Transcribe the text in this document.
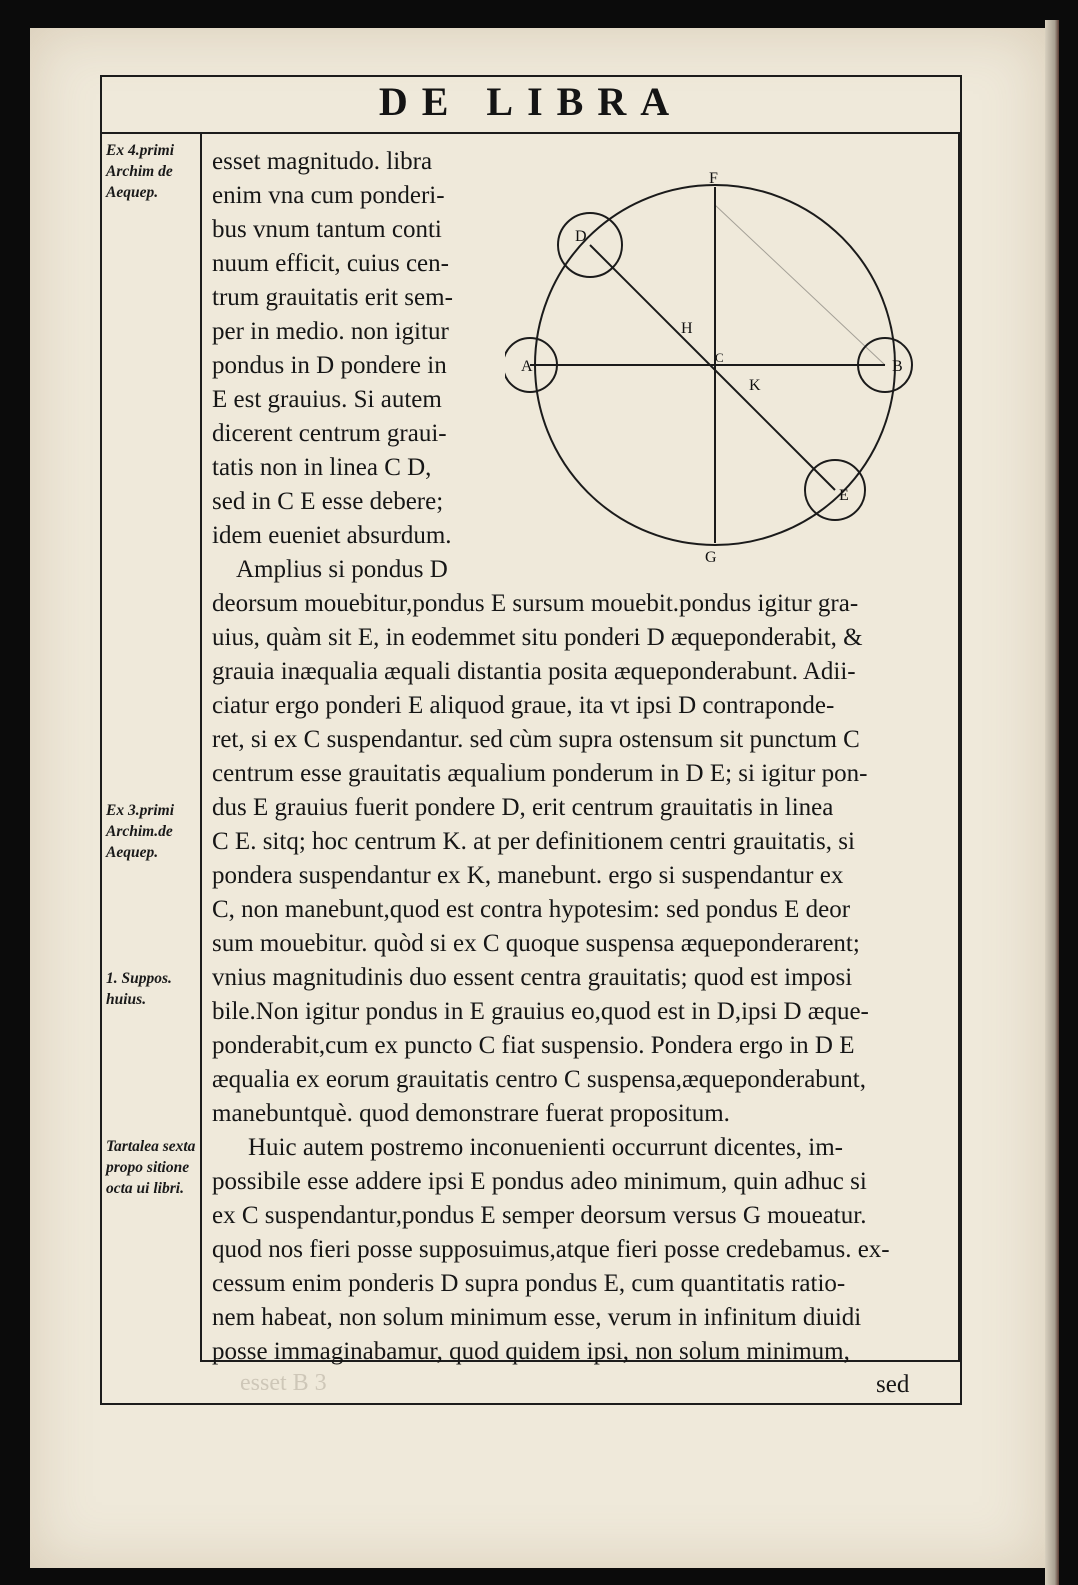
DE LIBRA
Ex 4.primi Archim de Aequep.
Ex 3.primi Archim.de Aequep.
1. Suppos. huius.
Tartalea sexta propo sitione octa ui libri.
esset B 3
esset magnitudo. libra
enim vna cum ponderi-
bus vnum tantum conti
nuum efficit, cuius cen-
trum grauitatis erit sem-
per in medio. non igitur
pondus in D pondere in
E est grauius. Si autem
dicerent centrum graui-
tatis non in linea C D,
sed in C E esse debere;
idem eueniet absurdum.
Amplius si pondus D
deorsum mouebitur,pondus E sursum mouebit.pondus igitur gra-
uius, quàm sit E, in eodemmet situ ponderi D æqueponderabit, &
grauia inæqualia æquali distantia posita æqueponderabunt. Adii-
ciatur ergo ponderi E aliquod graue, ita vt ipsi D contraponde-
ret, si ex C suspendantur. sed cùm supra ostensum sit punctum C
centrum esse grauitatis æqualium ponderum in D E; si igitur pon-
dus E grauius fuerit pondere D, erit centrum grauitatis in linea
C E. sitq; hoc centrum K. at per definitionem centri grauitatis, si
pondera suspendantur ex K, manebunt. ergo si suspendantur ex
C, non manebunt,quod est contra hypotesim: sed pondus E deor
sum mouebitur. quòd si ex C quoque suspensa æqueponderarent;
vnius magnitudinis duo essent centra grauitatis; quod est imposi
bile.Non igitur pondus in E grauius eo,quod est in D,ipsi D æque-
ponderabit,cum ex puncto C fiat suspensio. Pondera ergo in D E
æqualia ex eorum grauitatis centro C suspensa,æqueponderabunt,
manebuntquè. quod demonstrare fuerat propositum.
Huic autem postremo inconuenienti occurrunt dicentes, im-
possibile esse addere ipsi E pondus adeo minimum, quin adhuc si
ex C suspendantur,pondus E semper deorsum versus G moueatur.
quod nos fieri posse supposuimus,atque fieri posse credebamus. ex-
cessum enim ponderis D supra pondus E, cum quantitatis ratio-
nem habeat, non solum minimum esse, verum in infinitum diuidi
posse immaginabamur, quod quidem ipsi, non solum minimum,
sed
F
D
H
A
C
B
K
E
G
